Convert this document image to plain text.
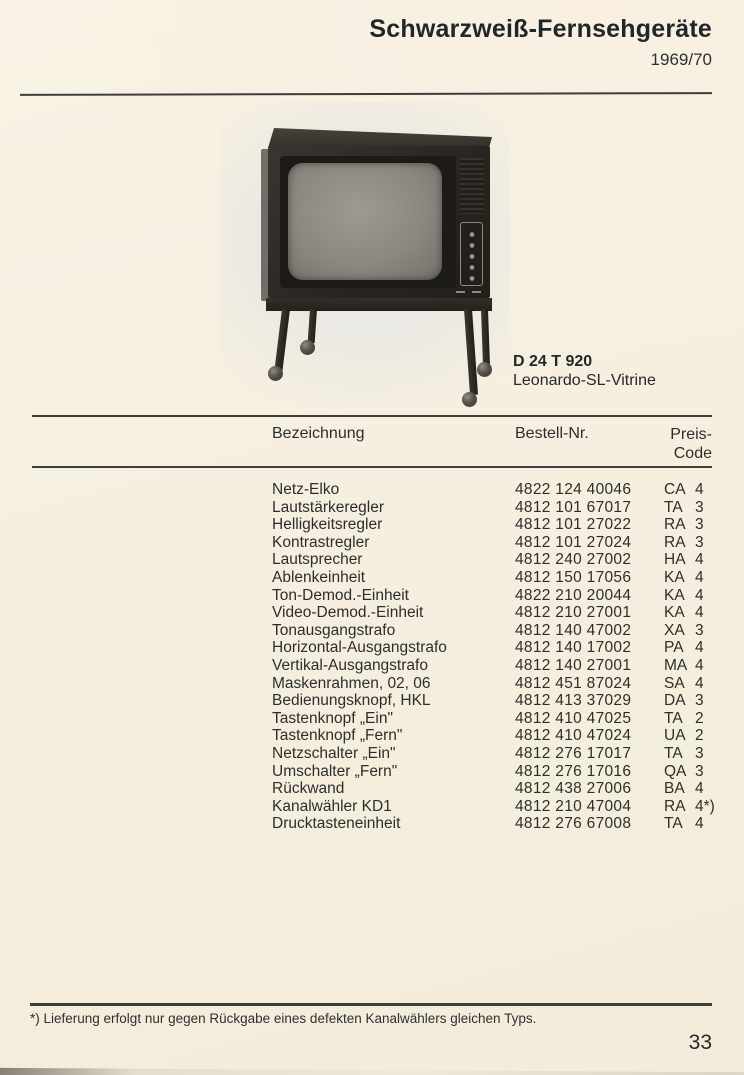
Schwarzweiß-Fernsehgeräte
1969/70
D 24 T 920
Leonardo-SL-Vitrine
Bezeichnung	Bestell-Nr.	Preis-
Code
Netz-Elko	4822 124 40046 CA 4
Lautstärkeregler	4812 101 67017 TA 3
Helligkeitsregler	4812 101 27022 RA 3
Kontrastregler	4812 101 27024 RA 3
Lautsprecher	4812 240 27002 HA 4
Ablenkeinheit	4812 150 17056 KA 4
Ton-Demod.-Einheit	4822 210 20044 KA 4
Video-Demod.-Einheit	4812 210 27001 KA 4
Tonausgangstrafo	4812 140 47002 XA 3
Horizontal-Ausgangstrafo	4812 140 17002 PA 4
Vertikal-Ausgangstrafo	4812 140 27001 MA 4
Maskenrahmen, 02, 06	4812 451 87024 SA 4
Bedienungsknopf, HKL	4812 413 37029 DA 3
Tastenknopf „Ein"	4812 410 47025 TA 2
Tastenknopf „Fern"	4812 410 47024 UA 2
Netzschalter „Ein"	4812 276 17017 TA 3
Umschalter „Fern"	4812 276 17016 QA 3
Rückwand	4812 438 27006 BA 4
Kanalwähler KD1	4812 210 47004 RA 4*)
Drucktasteneinheit	4812 276 67008 TA 4
*) Lieferung erfolgt nur gegen Rückgabe eines defekten Kanalwählers gleichen Typs.
33
